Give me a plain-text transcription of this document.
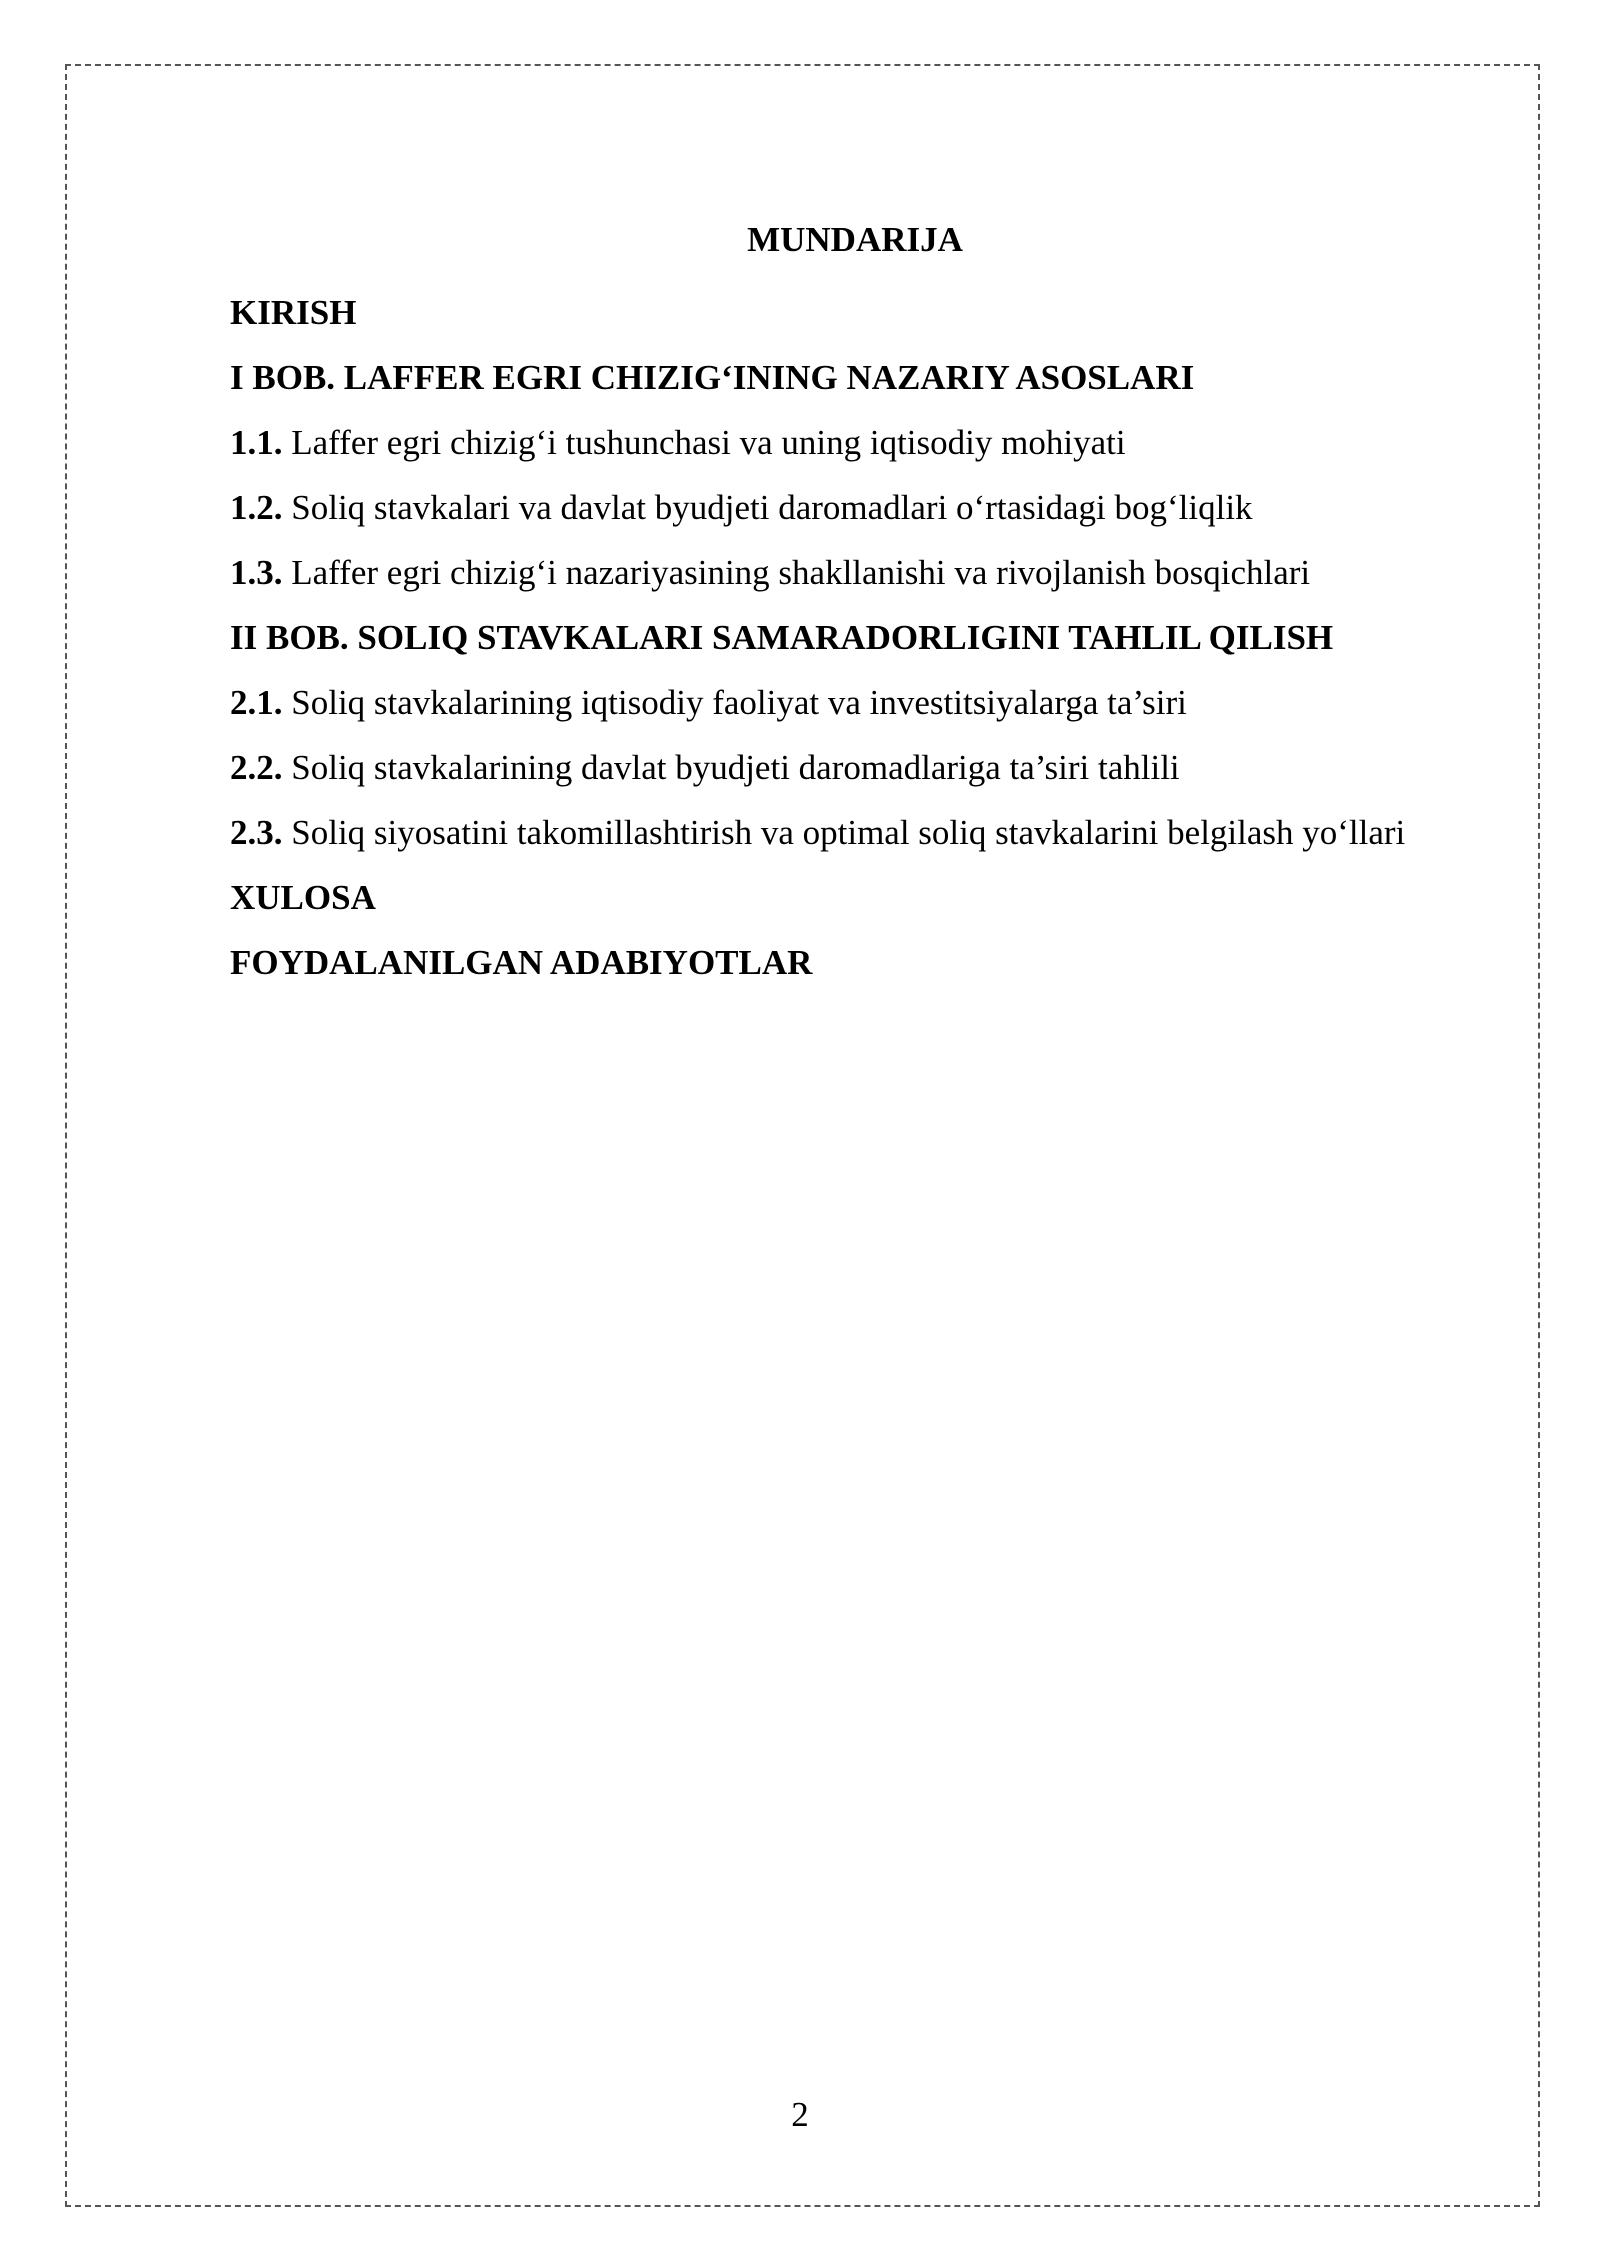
MUNDARIJA
KIRISH
I BOB. LAFFER EGRI CHIZIG‘INING NAZARIY ASOSLARI
1.1. Laffer egri chizig‘i tushunchasi va uning iqtisodiy mohiyati
1.2. Soliq stavkalari va davlat byudjeti daromadlari o‘rtasidagi bog‘liqlik
1.3. Laffer egri chizig‘i nazariyasining shakllanishi va rivojlanish bosqichlari
II BOB. SOLIQ STAVKALARI SAMARADORLIGINI TAHLIL QILISH
2.1. Soliq stavkalarining iqtisodiy faoliyat va investitsiyalarga ta’siri
2.2. Soliq stavkalarining davlat byudjeti daromadlariga ta’siri tahlili
2.3. Soliq siyosatini takomillashtirish va optimal soliq stavkalarini belgilash yo‘llari
XULOSA
FOYDALANILGAN ADABIYOTLAR
2
